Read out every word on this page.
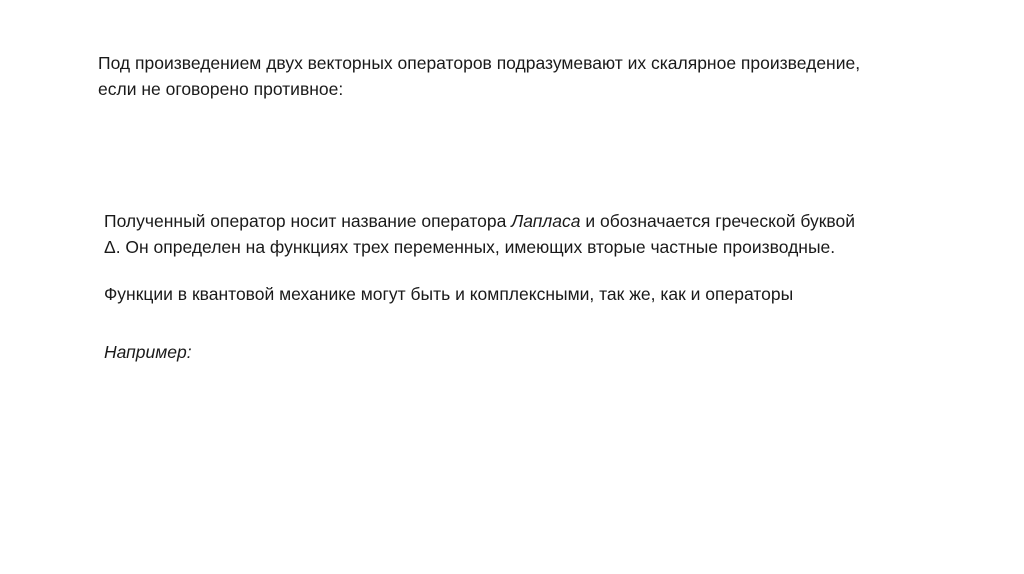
Под произведением двух векторных операторов подразумевают их скалярное произведение,
если не оговорено противное:

Полученный оператор носит название оператора Лапласа и обозначается греческой буквой
Δ. Он определен на функциях трех переменных, имеющих вторые частные производные.

Функции в квантовой механике могут быть и комплексными, так же, как и операторы

Например:
